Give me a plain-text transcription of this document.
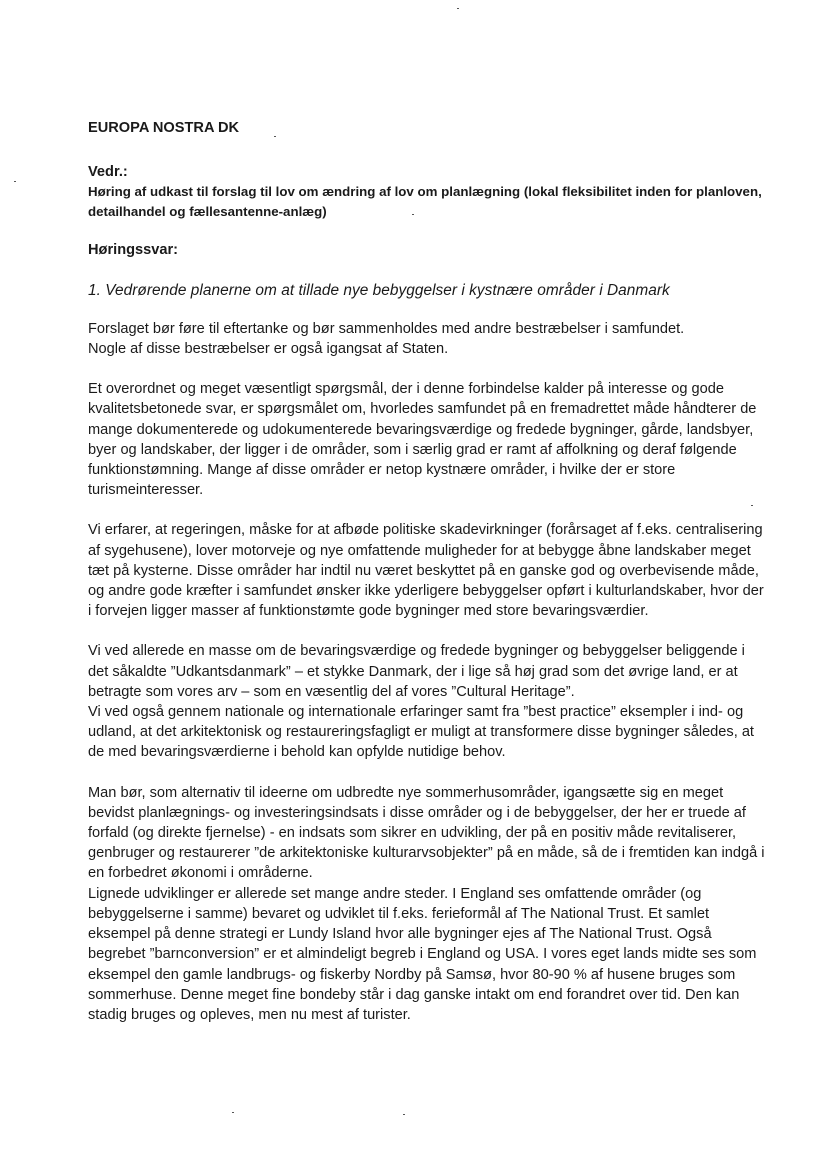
EUROPA NOSTRA DK
Vedr.:
Høring af udkast til forslag til lov om ændring af lov om planlægning (lokal fleksibilitet inden for planloven, detailhandel og fællesantenne-anlæg)
Høringssvar:
1. Vedrørende planerne om at tillade nye bebyggelser i kystnære områder i Danmark

Forslaget bør føre til eftertanke og bør sammenholdes med andre bestræbelser i samfundet.

Nogle af disse bestræbelser er også igangsat af Staten.

Et overordnet og meget væsentligt spørgsmål, der i denne forbindelse kalder på interesse og gode kvalitetsbetonede svar, er spørgsmålet om, hvorledes samfundet på en fremadrettet måde håndterer de mange dokumenterede og udokumenterede bevaringsværdige og fredede bygninger, gårde, landsbyer, byer og landskaber, der ligger i de områder, som i særlig grad er ramt af affolkning og deraf følgende funktionstømning. Mange af disse områder er netop kystnære områder, i hvilke der er store turismeinteresser.

Vi erfarer, at regeringen, måske for at afbøde politiske skadevirkninger (forårsaget af f.eks. centralisering af sygehusene), lover motorveje og nye omfattende muligheder for at bebygge åbne landskaber meget tæt på kysterne. Disse områder har indtil nu været beskyttet på en ganske god og overbevisende måde, og andre gode kræfter i samfundet ønsker ikke yderligere bebyggelser opført i kulturlandskaber, hvor der i forvejen ligger masser af funktionstømte gode bygninger med store bevaringsværdier.

Vi ved allerede en masse om de bevaringsværdige og fredede bygninger og bebyggelser beliggende i det såkaldte ”Udkantsdanmark” – et stykke Danmark, der i lige så høj grad som det øvrige land, er at betragte som vores arv – som en væsentlig del af vores ”Cultural Heritage”.

Vi ved også gennem nationale og internationale erfaringer samt fra ”best practice” eksempler i ind- og udland, at det arkitektonisk og restaureringsfagligt er muligt at transformere disse bygninger således, at de med bevaringsværdierne i behold kan opfylde nutidige behov.

Man bør, som alternativ til ideerne om udbredte nye sommerhusområder, igangsætte sig en meget bevidst planlægnings- og investeringsindsats i disse områder og i de bebyggelser, der her er truede af forfald (og direkte fjernelse) - en indsats som sikrer en udvikling, der på en positiv måde revitaliserer, genbruger og restaurerer ”de arkitektoniske kulturarvsobjekter” på en måde, så de i fremtiden kan indgå i en forbedret økonomi i områderne.

Lignede udviklinger er allerede set mange andre steder. I England ses omfattende områder (og bebyggelserne i samme) bevaret og udviklet til f.eks. ferieformål af The National Trust. Et samlet eksempel på denne strategi er Lundy Island hvor alle bygninger ejes af The National Trust. Også begrebet ”barnconversion” er et almindeligt begreb i England og USA. I vores eget lands midte ses som eksempel den gamle landbrugs- og fiskerby Nordby på Samsø, hvor 80-90 % af husene bruges som sommerhuse. Denne meget fine bondeby står i dag ganske intakt om end forandret over tid. Den kan stadig bruges og opleves, men nu mest af turister.
